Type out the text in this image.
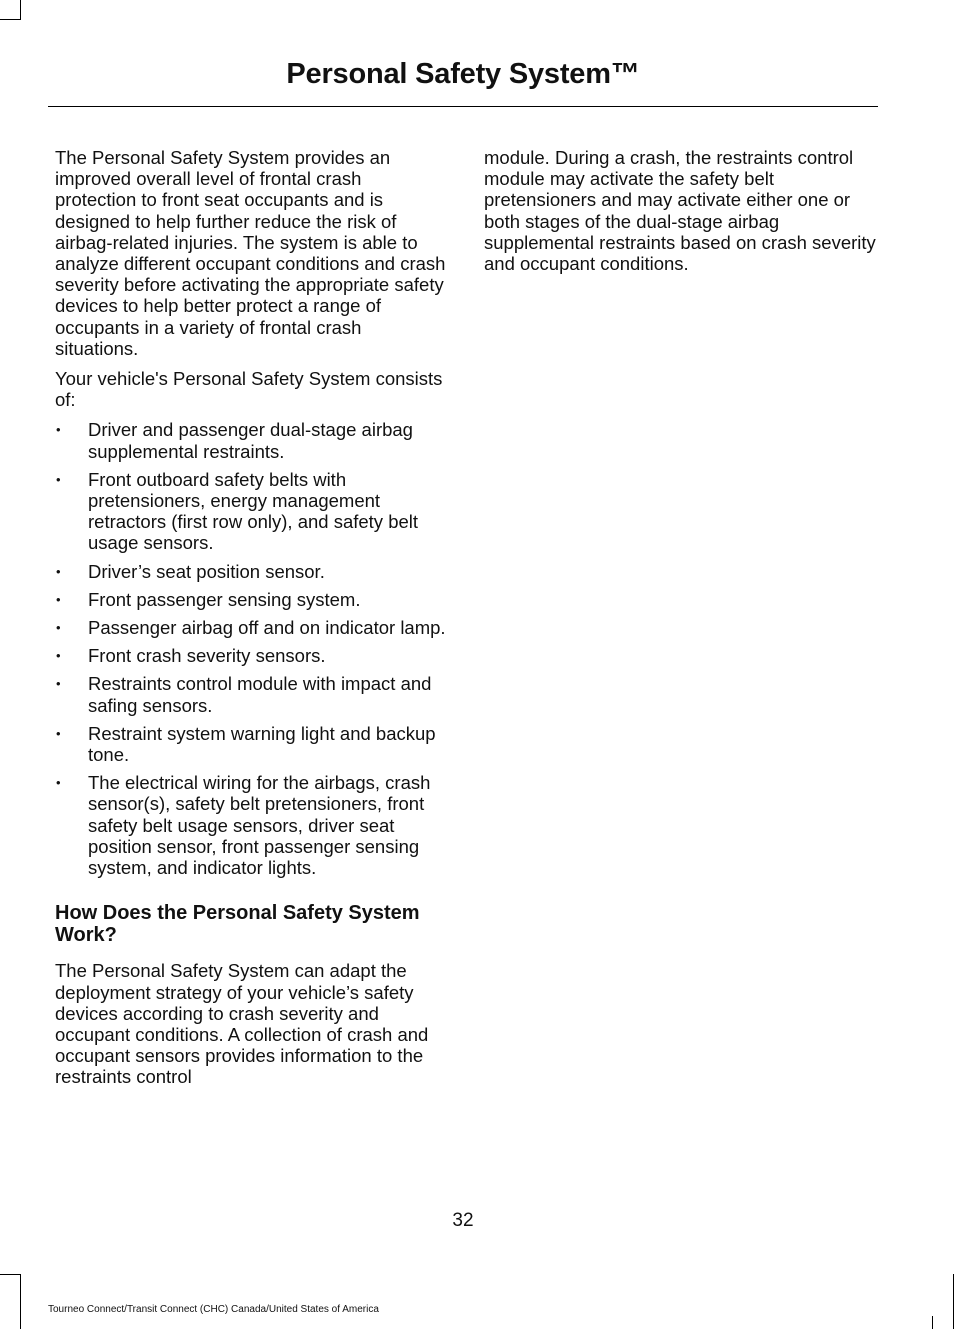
Personal Safety System™

The Personal Safety System provides an improved overall level of frontal crash protection to front seat occupants and is designed to help further reduce the risk of airbag-related injuries. The system is able to analyze different occupant conditions and crash severity before activating the appropriate safety devices to help better protect a range of occupants in a variety of frontal crash situations.

Your vehicle's Personal Safety System consists of:

• Driver and passenger dual-stage airbag supplemental restraints.
• Front outboard safety belts with pretensioners, energy management retractors (first row only), and safety belt usage sensors.
• Driver’s seat position sensor.
• Front passenger sensing system.
• Passenger airbag off and on indicator lamp.
• Front crash severity sensors.
• Restraints control module with impact and safing sensors.
• Restraint system warning light and backup tone.
• The electrical wiring for the airbags, crash sensor(s), safety belt pretensioners, front safety belt usage sensors, driver seat position sensor, front passenger sensing system, and indicator lights.
How Does the Personal Safety System Work?

The Personal Safety System can adapt the deployment strategy of your vehicle’s safety devices according to crash severity and occupant conditions. A collection of crash and occupant sensors provides information to the restraints control

module. During a crash, the restraints control module may activate the safety belt pretensioners and may activate either one or both stages of the dual-stage airbag supplemental restraints based on crash severity and occupant conditions.

32
Tourneo Connect/Transit Connect (CHC) Canada/United States of America
